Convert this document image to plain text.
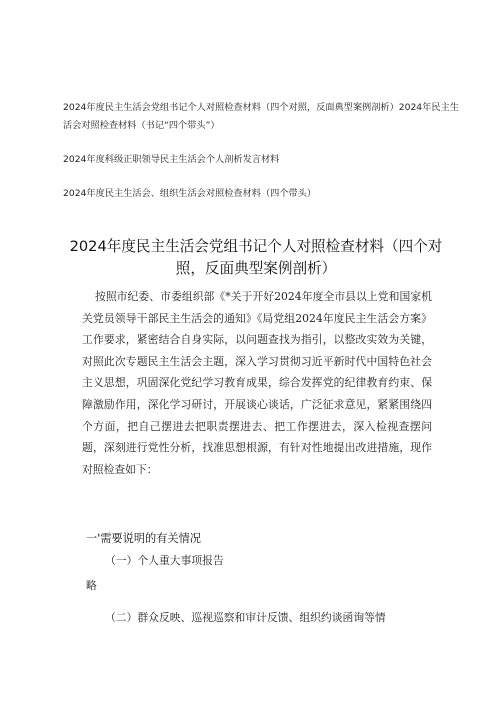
2024年度民主生活会党组书记个人对照检查材料（四个对照，反面典型案例剖析）2024年民主生活会对照检查材料（书记“四个带头”）
2024年度科级正职领导民主生活会个人剖析发言材料
2024年度民主生活会、组织生活会对照检查材料（四个带头）
2024年度民主生活会党组书记个人对照检查材料（四个对照，反面典型案例剖析）

按照市纪委、市委组织部《*关于开好2024年度全市县以上党和国家机关党员领导干部民主生活会的通知》《局党组2024年度民主生活会方案》工作要求，紧密结合自身实际，以问题查找为指引，以整改实效为关键，对照此次专题民主生活会主题，深入学习贯彻习近平新时代中国特色社会主义思想，巩固深化党纪学习教育成果，综合发挥党的纪律教育约束、保障激励作用，深化学习研讨，开展谈心谈话，广泛征求意见，紧紧围绕四个方面，把自己摆进去把职责摆进去、把工作摆进去，深入检视查摆问题，深刻进行党性分析，找准思想根源，有针对性地提出改进措施，现作对照检查如下：

一'需要说明的有关情况

（一）个人重大事项报告

略

（二）群众反映、巡视巡察和审计反馈、组织约谈函询等情
